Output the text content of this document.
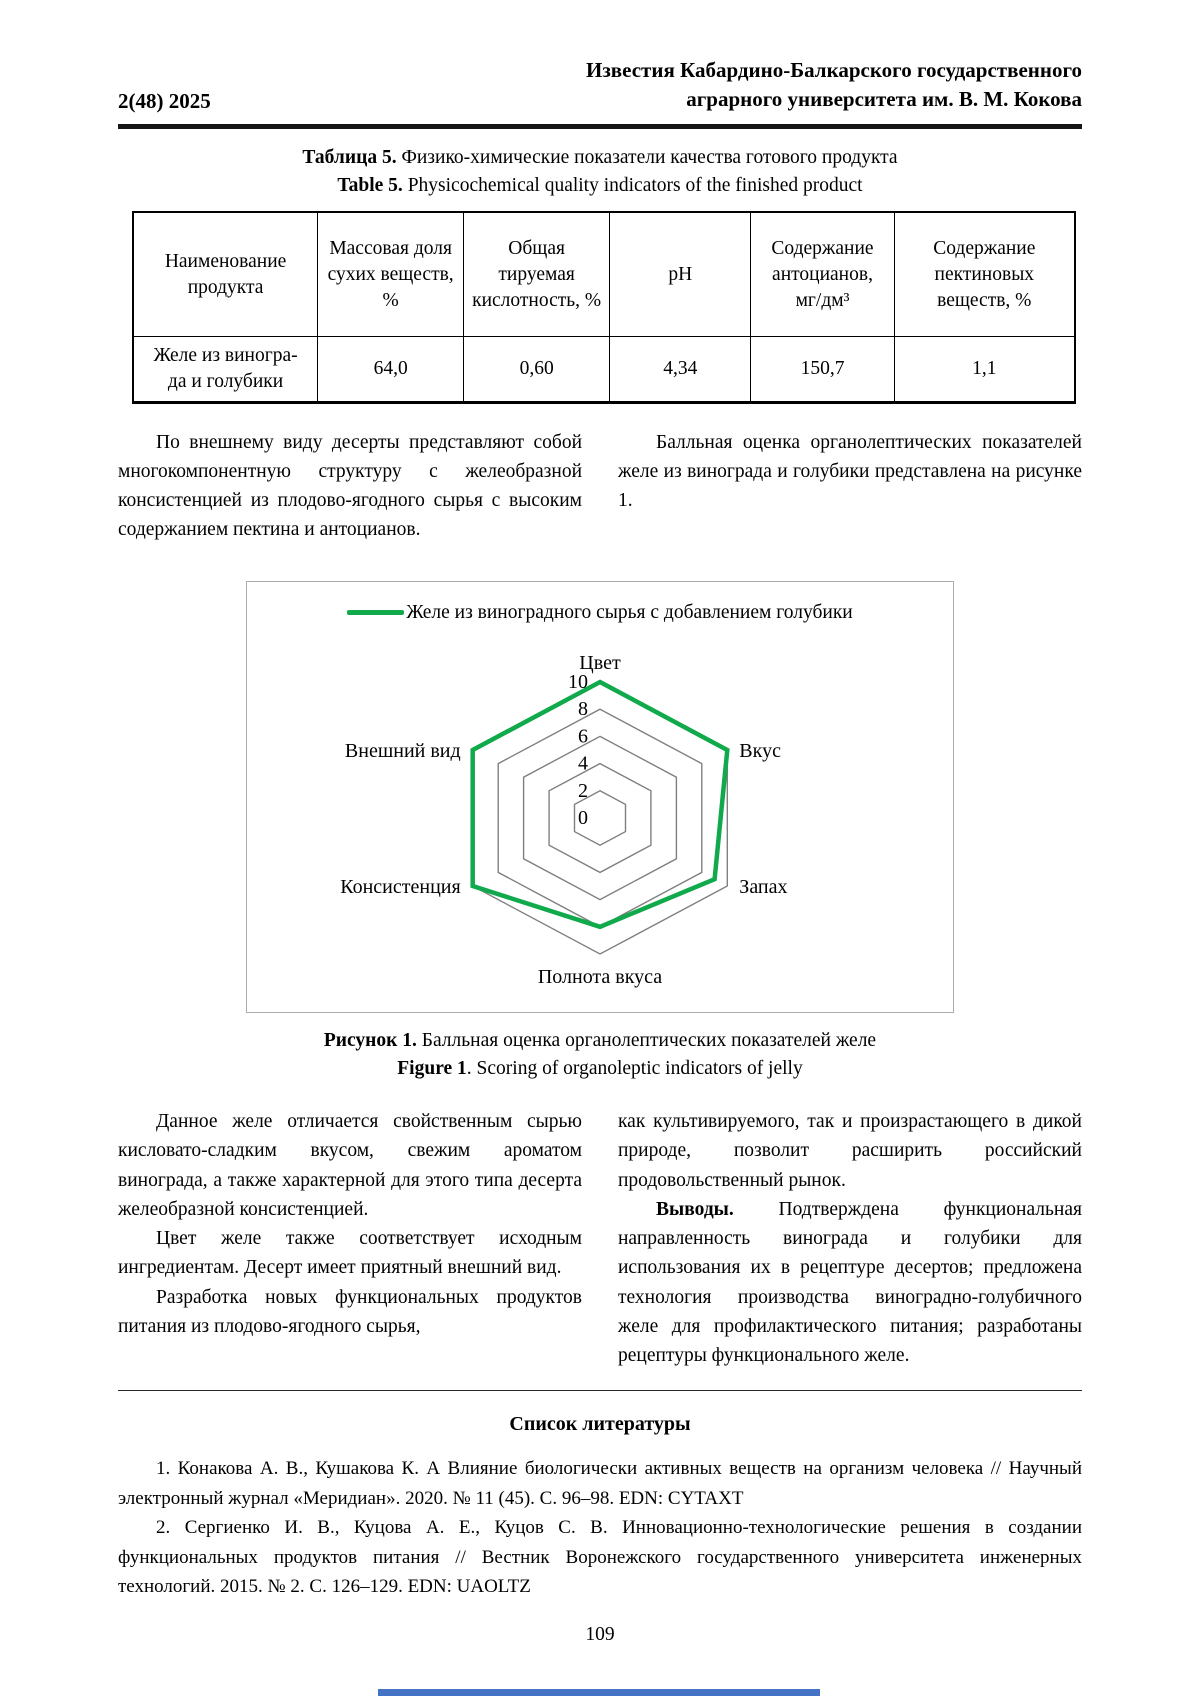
2(48) 2025
Известия Кабардино-Балкарского государственного
аграрного университета им. В. М. Кокова
Таблица 5. Физико-химические показатели качества готового продукта
Table 5. Physicochemical quality indicators of the finished product
Наименование продукта	Массовая доля сухих веществ, %	Общая тируемая кислотность, %	pH	Содержание антоцианов, мг/дм³	Содержание пектиновых веществ, %
Желе из виногра-
да и голубики	64,0	0,60	4,34	150,7	1,1

По внешнему виду десерты представляют собой многокомпонентную структуру с желеобразной консистенцией из плодово-ягодного сырья с высоким содержанием пектина и антоцианов.

Балльная оценка органолептических показателей желе из винограда и голубики представлена на рисунке 1.

Желе из виноградного сырья с добавлением голубики
0
2
4
6
8
10
Цвет
Вкус
Запах
Полнота вкуса
Консистенция
Внешний вид
Рисунок 1. Балльная оценка органолептических показателей желе
Figure 1. Scoring of organoleptic indicators of jelly

Данное желе отличается свойственным сырью кисловато-сладким вкусом, свежим ароматом винограда, а также характерной для этого типа десерта желеобразной консистенцией.

Цвет желе также соответствует исходным ингредиентам. Десерт имеет приятный внешний вид.

Разработка новых функциональных продуктов питания из плодово-ягодного сырья,

как культивируемого, так и произрастающего в дикой природе, позволит расширить российский продовольственный рынок.

Выводы. Подтверждена функциональная направленность винограда и голубики для использования их в рецептуре десертов; предложена технология производства виноградно-голубичного желе для профилактического питания; разработаны рецептуры функционального желе.

Список литературы

1. Конакова А. В., Кушакова К. А Влияние биологически активных веществ на организм человека // Научный электронный журнал «Меридиан». 2020. № 11 (45). С. 96–98. EDN: CYTAXT

2. Сергиенко И. В., Куцова А. Е., Куцов С. В. Инновационно-технологические решения в создании функциональных продуктов питания // Вестник Воронежского государственного университета инженерных технологий. 2015. № 2. С. 126–129. EDN: UAOLTZ

109
